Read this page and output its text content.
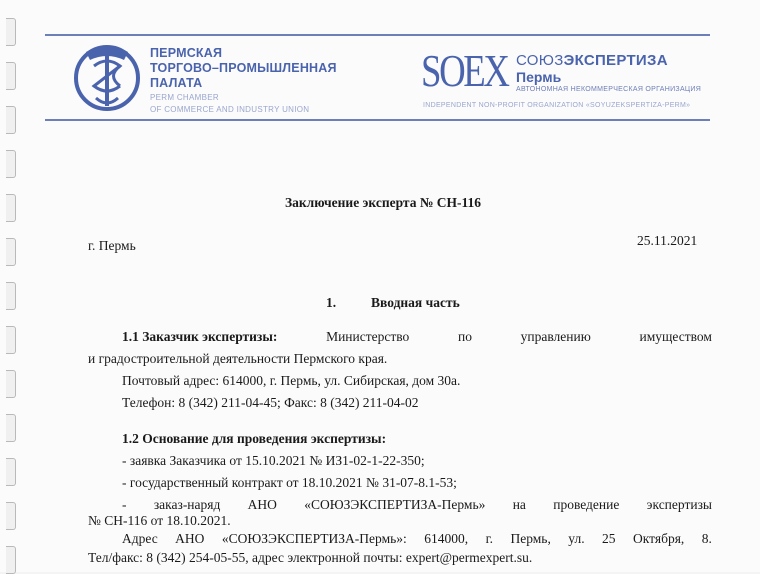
ПЕРМСКАЯ
ТОРГОВО–ПРОМЫШЛЕННАЯ
ПАЛАТА
PERM CHAMBER
OF COMMERCE AND INDUSTRY UNION
SOEX СОЮЗЭКСПЕРТИЗА
Пермь
АВТОНОМНАЯ НЕКОММЕРЧЕСКАЯ ОРГАНИЗАЦИЯ
INDEPENDENT NON-PROFIT ORGANIZATION «SOYUZEKSPERTIZA-PERM»
Заключение эксперта № СН-116
г. Пермь	25.11.2021
1.	Вводная часть
1.1 Заказчик экспертизы:	Министерство	по	управлению	имуществом
и градостроительной деятельности Пермского края.
Почтовый адрес: 614000, г. Пермь, ул. Сибирская, дом 30а.
Телефон: 8 (342) 211-04-45; Факс: 8 (342) 211-04-02
1.2 Основание для проведения экспертизы:
- заявка Заказчика от 15.10.2021 № ИЗ1-02-1-22-350;
- государственный контракт от 18.10.2021 № 31-07-8.1-53;
- заказ-наряд АНО «СОЮЗЭКСПЕРТИЗА-Пермь» на проведение экспертизы
№ СН-116 от 18.10.2021.
Адрес АНО «СОЮЗЭКСПЕРТИЗА-Пермь»: 614000, г. Пермь, ул. 25 Октября, 8.
Тел/факс: 8 (342) 254-05-55, адрес электронной почты: expert@permexpert.su.
